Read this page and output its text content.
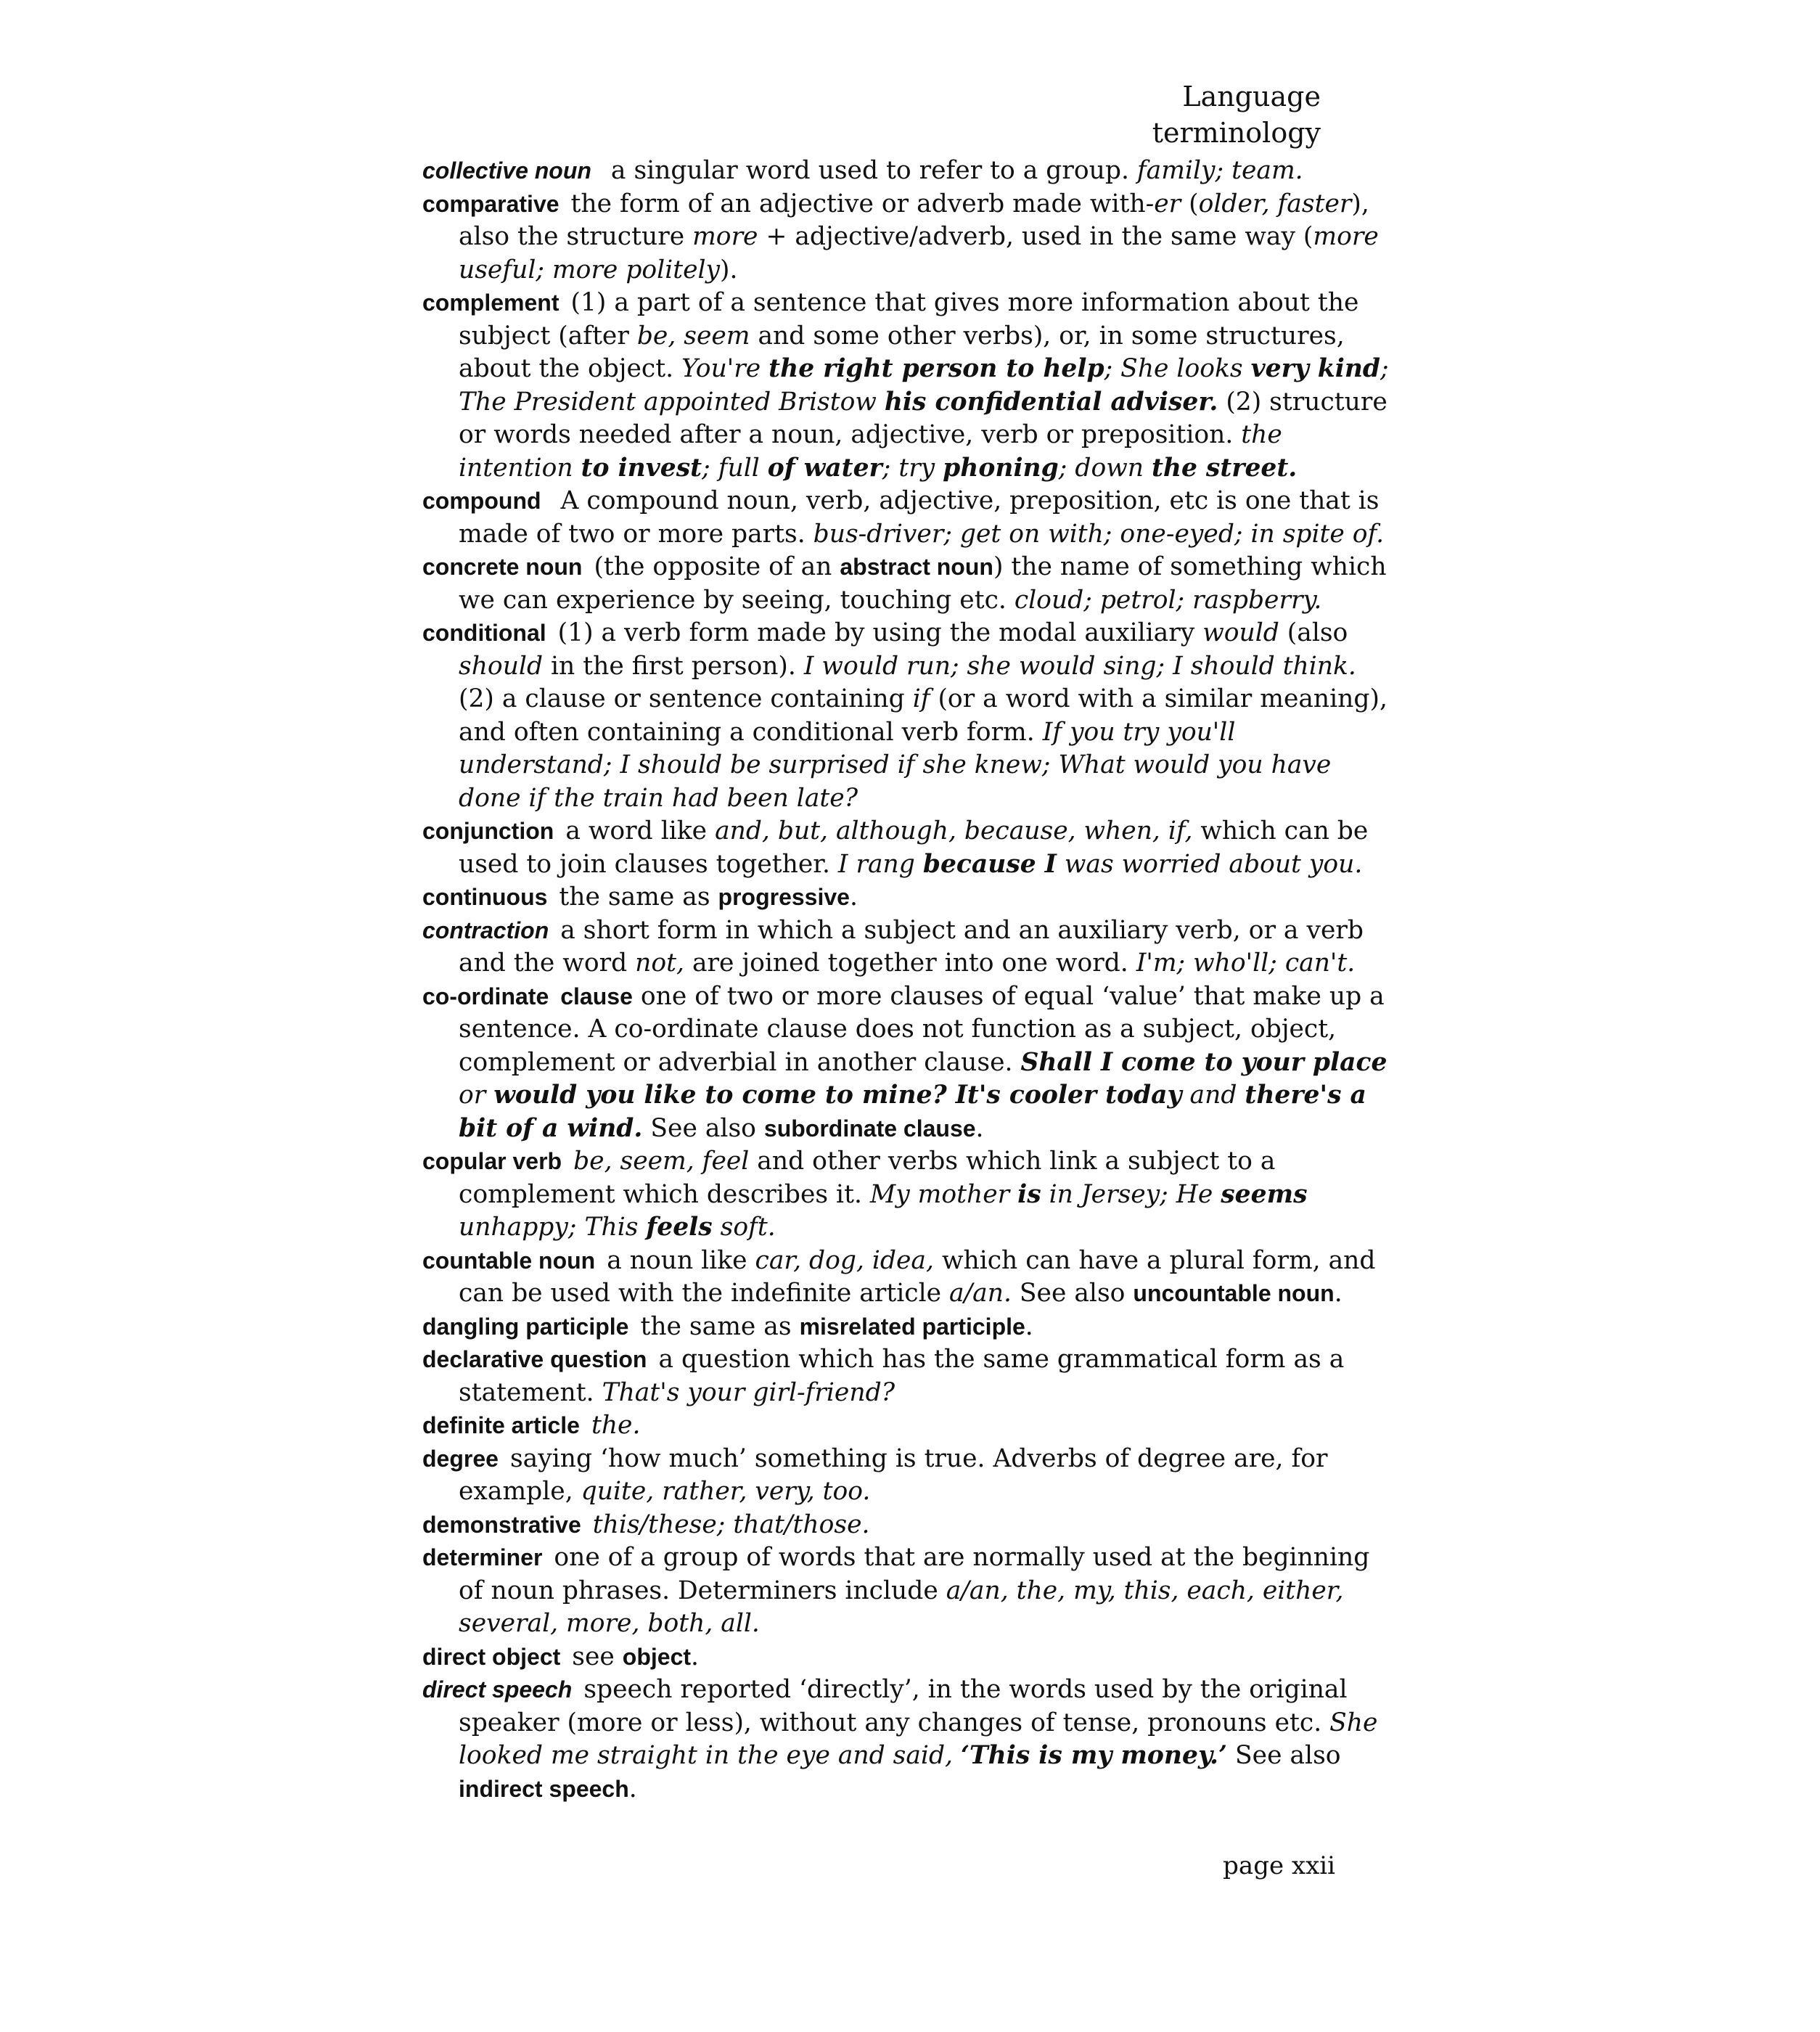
Language terminology

collective noun a singular word used to refer to a group. family; team.

comparative the form of an adjective or adverb made with-er (older, faster), also the structure more + adjective/adverb, used in the same way (more useful; more politely).

complement (1) a part of a sentence that gives more information about the subject (after be, seem and some other verbs), or, in some structures, about the object. You're the right person to help; She looks very kind; The President appointed Bristow his confidential adviser. (2) structure or words needed after a noun, adjective, verb or preposition. the intention to invest; full of water; try phoning; down the street.

compound A compound noun, verb, adjective, preposition, etc is one that is made of two or more parts. bus-driver; get on with; one-eyed; in spite of.

concrete noun (the opposite of an abstract noun) the name of something which we can experience by seeing, touching etc. cloud; petrol; raspberry.

conditional (1) a verb form made by using the modal auxiliary would (also should in the first person). I would run; she would sing; I should think. (2) a clause or sentence containing if (or a word with a similar meaning), and often containing a conditional verb form. If you try you'll understand; I should be surprised if she knew; What would you have done if the train had been late?

conjunction a word like and, but, although, because, when, if, which can be used to join clauses together. I rang because I was worried about you.

continuous the same as progressive.

contraction a short form in which a subject and an auxiliary verb, or a verb and the word not, are joined together into one word. I'm; who'll; can't.

co-ordinate clause one of two or more clauses of equal ‘value’ that make up a sentence. A co-ordinate clause does not function as a subject, object, complement or adverbial in another clause. Shall I come to your place or would you like to come to mine? It's cooler today and there's a bit of a wind. See also subordinate clause.

copular verb be, seem, feel and other verbs which link a subject to a complement which describes it. My mother is in Jersey; He seems unhappy; This feels soft.

countable noun a noun like car, dog, idea, which can have a plural form, and can be used with the indefinite article a/an. See also uncountable noun.

dangling participle the same as misrelated participle.

declarative question a question which has the same grammatical form as a statement. That's your girl-friend?

definite article the.

degree saying ‘how much’ something is true. Adverbs of degree are, for example, quite, rather, very, too.

demonstrative this/these; that/those.

determiner one of a group of words that are normally used at the beginning of noun phrases. Determiners include a/an, the, my, this, each, either, several, more, both, all.

direct object see object.

direct speech speech reported ‘directly’, in the words used by the original speaker (more or less), without any changes of tense, pronouns etc. She looked me straight in the eye and said, ‘This is my money.’ See also indirect speech.

page xxii
